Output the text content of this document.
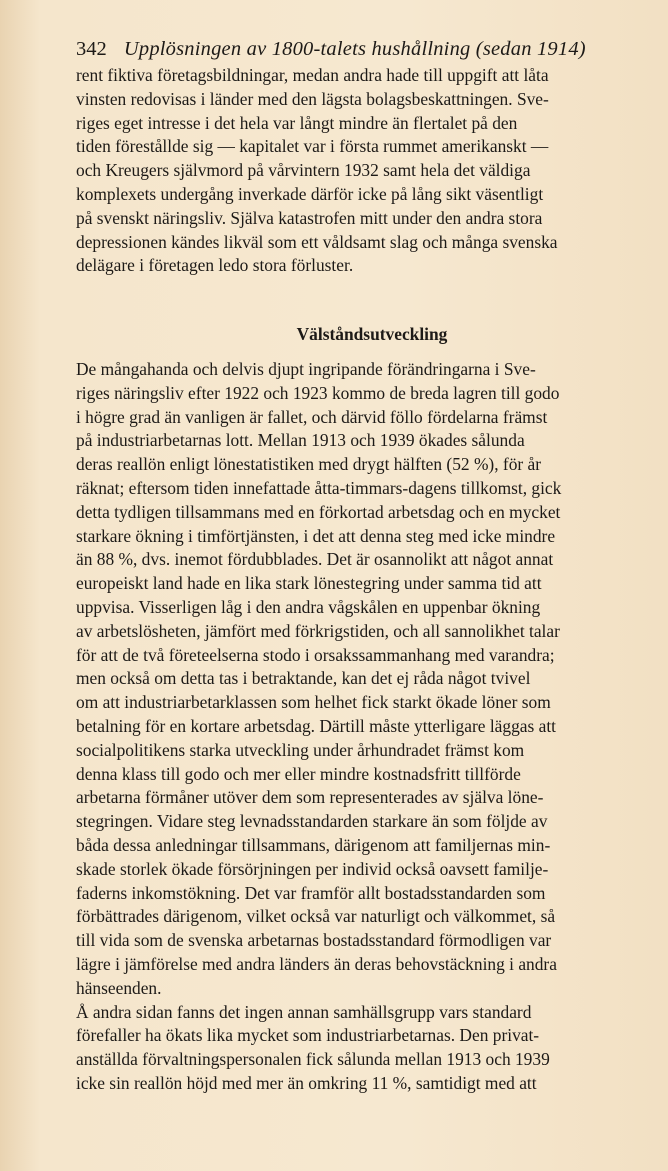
342 Upplösningen av 1800-talets hushållning (sedan 1914)
rent fiktiva företagsbildningar, medan andra hade till uppgift att låta
vinsten redovisas i länder med den lägsta bolagsbeskattningen. Sve-
riges eget intresse i det hela var långt mindre än flertalet på den
tiden förestållde sig — kapitalet var i första rummet amerikanskt —
och Kreugers självmord på vårvintern 1932 samt hela det väldiga
komplexets undergång inverkade därför icke på lång sikt väsentligt
på svenskt näringsliv. Själva katastrofen mitt under den andra stora
depressionen kändes likväl som ett våldsamt slag och många svenska
delägare i företagen ledo stora förluster.
Välståndsutveckling
De mångahanda och delvis djupt ingripande förändringarna i Sve-
riges näringsliv efter 1922 och 1923 kommo de breda lagren till godo
i högre grad än vanligen är fallet, och därvid föllo fördelarna främst
på industriarbetarnas lott. Mellan 1913 och 1939 ökades sålunda
deras reallön enligt lönestatistiken med drygt hälften (52 %), för år
räknat; eftersom tiden innefattade åtta-timmars-dagens tillkomst, gick
detta tydligen tillsammans med en förkortad arbetsdag och en mycket
starkare ökning i timförtjänsten, i det att denna steg med icke mindre
än 88 %, dvs. inemot fördubblades. Det är osannolikt att något annat
europeiskt land hade en lika stark lönestegring under samma tid att
uppvisa. Visserligen låg i den andra vågskålen en uppenbar ökning
av arbetslösheten, jämfört med förkrigstiden, och all sannolikhet talar
för att de två företeelserna stodo i orsakssammanhang med varandra;
men också om detta tas i betraktande, kan det ej råda något tvivel
om att industriarbetarklassen som helhet fick starkt ökade löner som
betalning för en kortare arbetsdag. Därtill måste ytterligare läggas att
socialpolitikens starka utveckling under århundradet främst kom
denna klass till godo och mer eller mindre kostnadsfritt tillförde
arbetarna förmåner utöver dem som representerades av själva löne-
stegringen. Vidare steg levnadsstandarden starkare än som följde av
båda dessa anledningar tillsammans, därigenom att familjernas min-
skade storlek ökade försörjningen per individ också oavsett familje-
faderns inkomstökning. Det var framför allt bostadsstandarden som
förbättrades därigenom, vilket också var naturligt och välkommet, så
till vida som de svenska arbetarnas bostadsstandard förmodligen var
lägre i jämförelse med andra länders än deras behovstäckning i andra
hänseenden.
Å andra sidan fanns det ingen annan samhällsgrupp vars standard
förefaller ha ökats lika mycket som industriarbetarnas. Den privat-
anställda förvaltningspersonalen fick sålunda mellan 1913 och 1939
icke sin reallön höjd med mer än omkring 11 %, samtidigt med att
